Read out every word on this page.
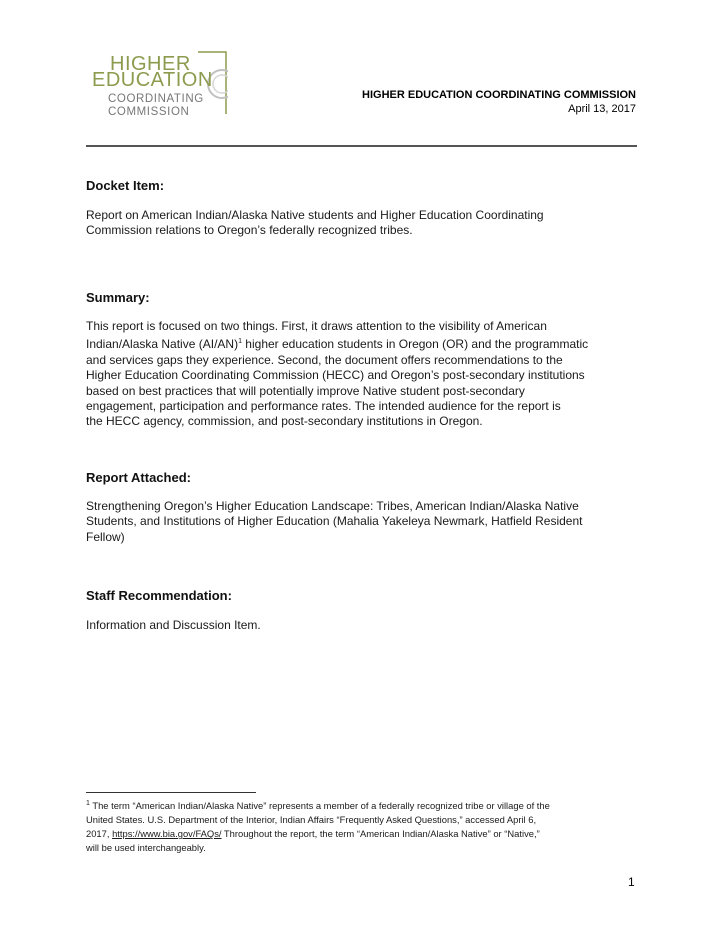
HIGHER
EDUCATION
COORDINATING
COMMISSION
HIGHER EDUCATION COORDINATING COMMISSION
April 13, 2017
Docket Item:
Report on American Indian/Alaska Native students and Higher Education Coordinating
Commission relations to Oregon’s federally recognized tribes.
Summary:
This report is focused on two things. First, it draws attention to the visibility of American
Indian/Alaska Native $(AI/AN)^1$ higher education students in Oregon (OR) and the programmatic
and services gaps they experience. Second, the document offers recommendations to the
Higher Education Coordinating Commission (HECC) and Oregon’s post-secondary institutions
based on best practices that will potentially improve Native student post-secondary
engagement, participation and performance rates. The intended audience for the report is
the HECC agency, commission, and post-secondary institutions in Oregon.
Report Attached:
Strengthening Oregon’s Higher Education Landscape: Tribes, American Indian/Alaska Native
Students, and Institutions of Higher Education (Mahalia Yakeleya Newmark, Hatfield Resident
Fellow)
Staff Recommendation:
Information and Discussion Item.
$^1$ The term “American Indian/Alaska Native” represents a member of a federally recognized tribe or village of the
United States. U.S. Department of the Interior, Indian Affairs “Frequently Asked Questions,” accessed April 6,
2017, https://www.bia.gov/FAQs/ Throughout the report, the term “American Indian/Alaska Native” or “Native,”
will be used interchangeably.
1
